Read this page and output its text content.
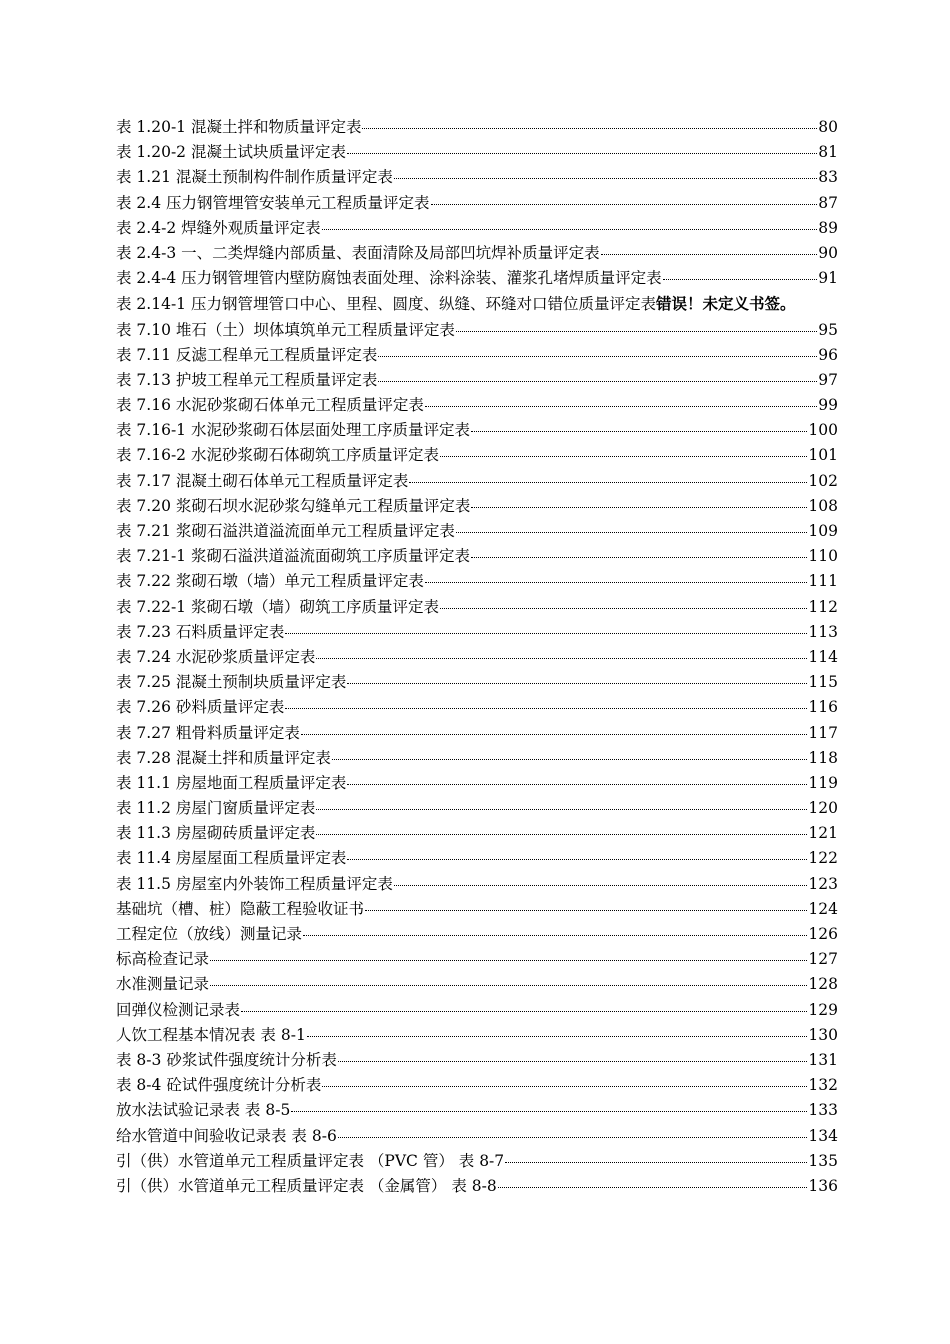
表 1.20-1 混凝土拌和物质量评定表	80
表 1.20-2 混凝土试块质量评定表	81
表 1.21 混凝土预制构件制作质量评定表	83
表 2.4 压力钢管埋管安装单元工程质量评定表	87
表 2.4-2 焊缝外观质量评定表	89
表 2.4-3 一、二类焊缝内部质量、表面清除及局部凹坑焊补质量评定表	90
表 2.4-4 压力钢管埋管内壁防腐蚀表面处理、涂料涂装、灌浆孔堵焊质量评定表	91
表 2.14-1 压力钢管埋管口中心、里程、圆度、纵缝、环缝对口错位质量评定表错误！未定义书签。
表 7.10 堆石（土）坝体填筑单元工程质量评定表	95
表 7.11 反滤工程单元工程质量评定表	96
表 7.13 护坡工程单元工程质量评定表	97
表 7.16 水泥砂浆砌石体单元工程质量评定表	99
表 7.16-1 水泥砂浆砌石体层面处理工序质量评定表	100
表 7.16-2 水泥砂浆砌石体砌筑工序质量评定表	101
表 7.17 混凝土砌石体单元工程质量评定表	102
表 7.20 浆砌石坝水泥砂浆勾缝单元工程质量评定表	108
表 7.21 浆砌石溢洪道溢流面单元工程质量评定表	109
表 7.21-1 浆砌石溢洪道溢流面砌筑工序质量评定表	110
表 7.22 浆砌石墩（墙）单元工程质量评定表	111
表 7.22-1 浆砌石墩（墙）砌筑工序质量评定表	112
表 7.23 石料质量评定表	113
表 7.24 水泥砂浆质量评定表	114
表 7.25 混凝土预制块质量评定表	115
表 7.26 砂料质量评定表	116
表 7.27 粗骨料质量评定表	117
表 7.28 混凝土拌和质量评定表	118
表 11.1 房屋地面工程质量评定表	119
表 11.2 房屋门窗质量评定表	120
表 11.3 房屋砌砖质量评定表	121
表 11.4 房屋屋面工程质量评定表	122
表 11.5 房屋室内外装饰工程质量评定表	123
基础坑（槽、桩）隐蔽工程验收证书	124
工程定位（放线）测量记录	126
标高检查记录	127
水准测量记录	128
回弹仪检测记录表	129
人饮工程基本情况表 表 8-1	130
表 8-3 砂浆试件强度统计分析表	131
表 8-4 砼试件强度统计分析表	132
放水法试验记录表 表 8-5	133
给水管道中间验收记录表 表 8-6	134
引（供）水管道单元工程质量评定表 （PVC 管） 表 8-7	135
引（供）水管道单元工程质量评定表 （金属管） 表 8-8	136
